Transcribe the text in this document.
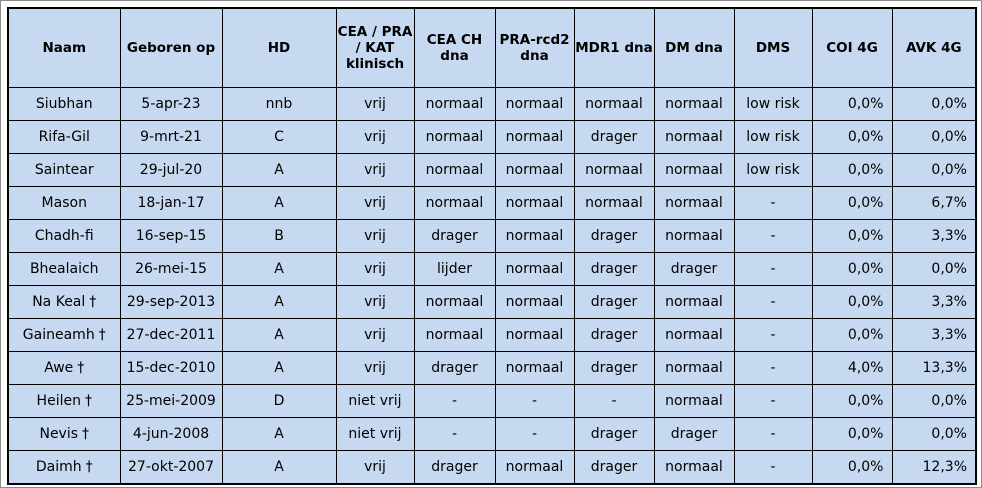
Naam	Geboren op	HD	CEA / PRA / KAT klinisch	CEA CH dna	PRA-rcd2 dna	MDR1 dna	DM dna	DMS	COI 4G	AVK 4G
Siubhan	5-apr-23	nnb	vrij	normaal	normaal	normaal	normaal	low risk	0,0%	0,0%
Rifa-Gil	9-mrt-21	C	vrij	normaal	normaal	drager	normaal	low risk	0,0%	0,0%
Saintear	29-jul-20	A	vrij	normaal	normaal	normaal	normaal	low risk	0,0%	0,0%
Mason	18-jan-17	A	vrij	normaal	normaal	normaal	normaal	-	0,0%	6,7%
Chadh-fi	16-sep-15	B	vrij	drager	normaal	drager	normaal	-	0,0%	3,3%
Bhealaich	26-mei-15	A	vrij	lijder	normaal	drager	drager	-	0,0%	0,0%
Na Keal †	29-sep-2013	A	vrij	normaal	normaal	drager	normaal	-	0,0%	3,3%
Gaineamh †	27-dec-2011	A	vrij	normaal	normaal	drager	normaal	-	0,0%	3,3%
Awe †	15-dec-2010	A	vrij	drager	normaal	drager	normaal	-	4,0%	13,3%
Heilen †	25-mei-2009	D	niet vrij	-	-	-	normaal	-	0,0%	0,0%
Nevis †	4-jun-2008	A	niet vrij	-	-	drager	drager	-	0,0%	0,0%
Daimh †	27-okt-2007	A	vrij	drager	normaal	drager	normaal	-	0,0%	12,3%
